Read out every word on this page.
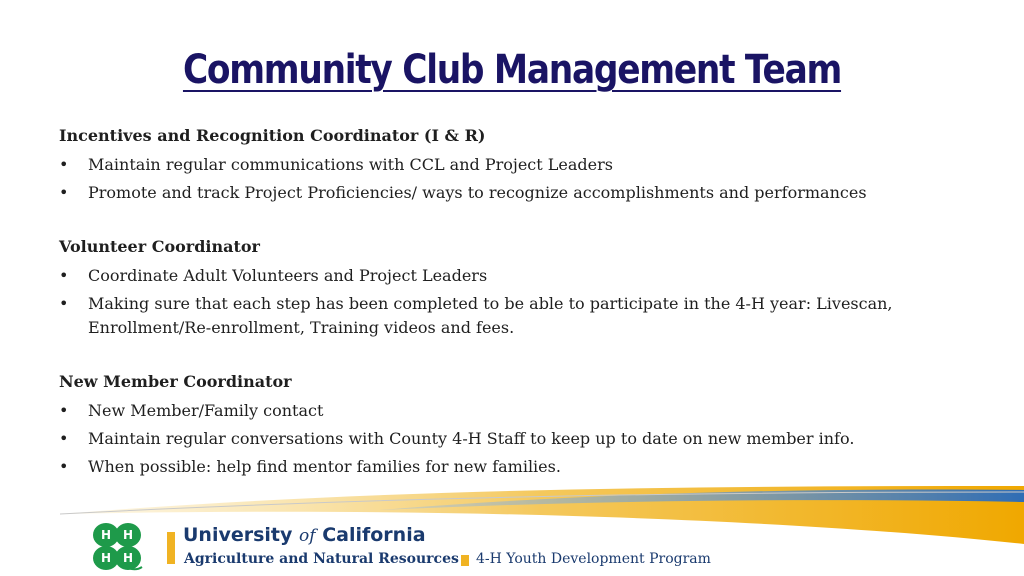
Community Club Management Team

Incentives and Recognition Coordinator (I & R)

• Maintain regular communications with CCL and Project Leaders
• Promote and track Project Proficiencies/ ways to recognize accomplishments and performances

Volunteer Coordinator

• Coordinate Adult Volunteers and Project Leaders
• Making sure that each step has been completed to be able to participate in the 4-H year: Livescan, Enrollment/Re-enrollment, Training videos and fees.

New Member Coordinator

• New Member/Family contact
• Maintain regular conversations with County 4-H Staff to keep up to date on new member info.
• When possible: help find mentor families for new families.
H H
H H
University of California
Agriculture and Natural Resources 4-H Youth Development Program
